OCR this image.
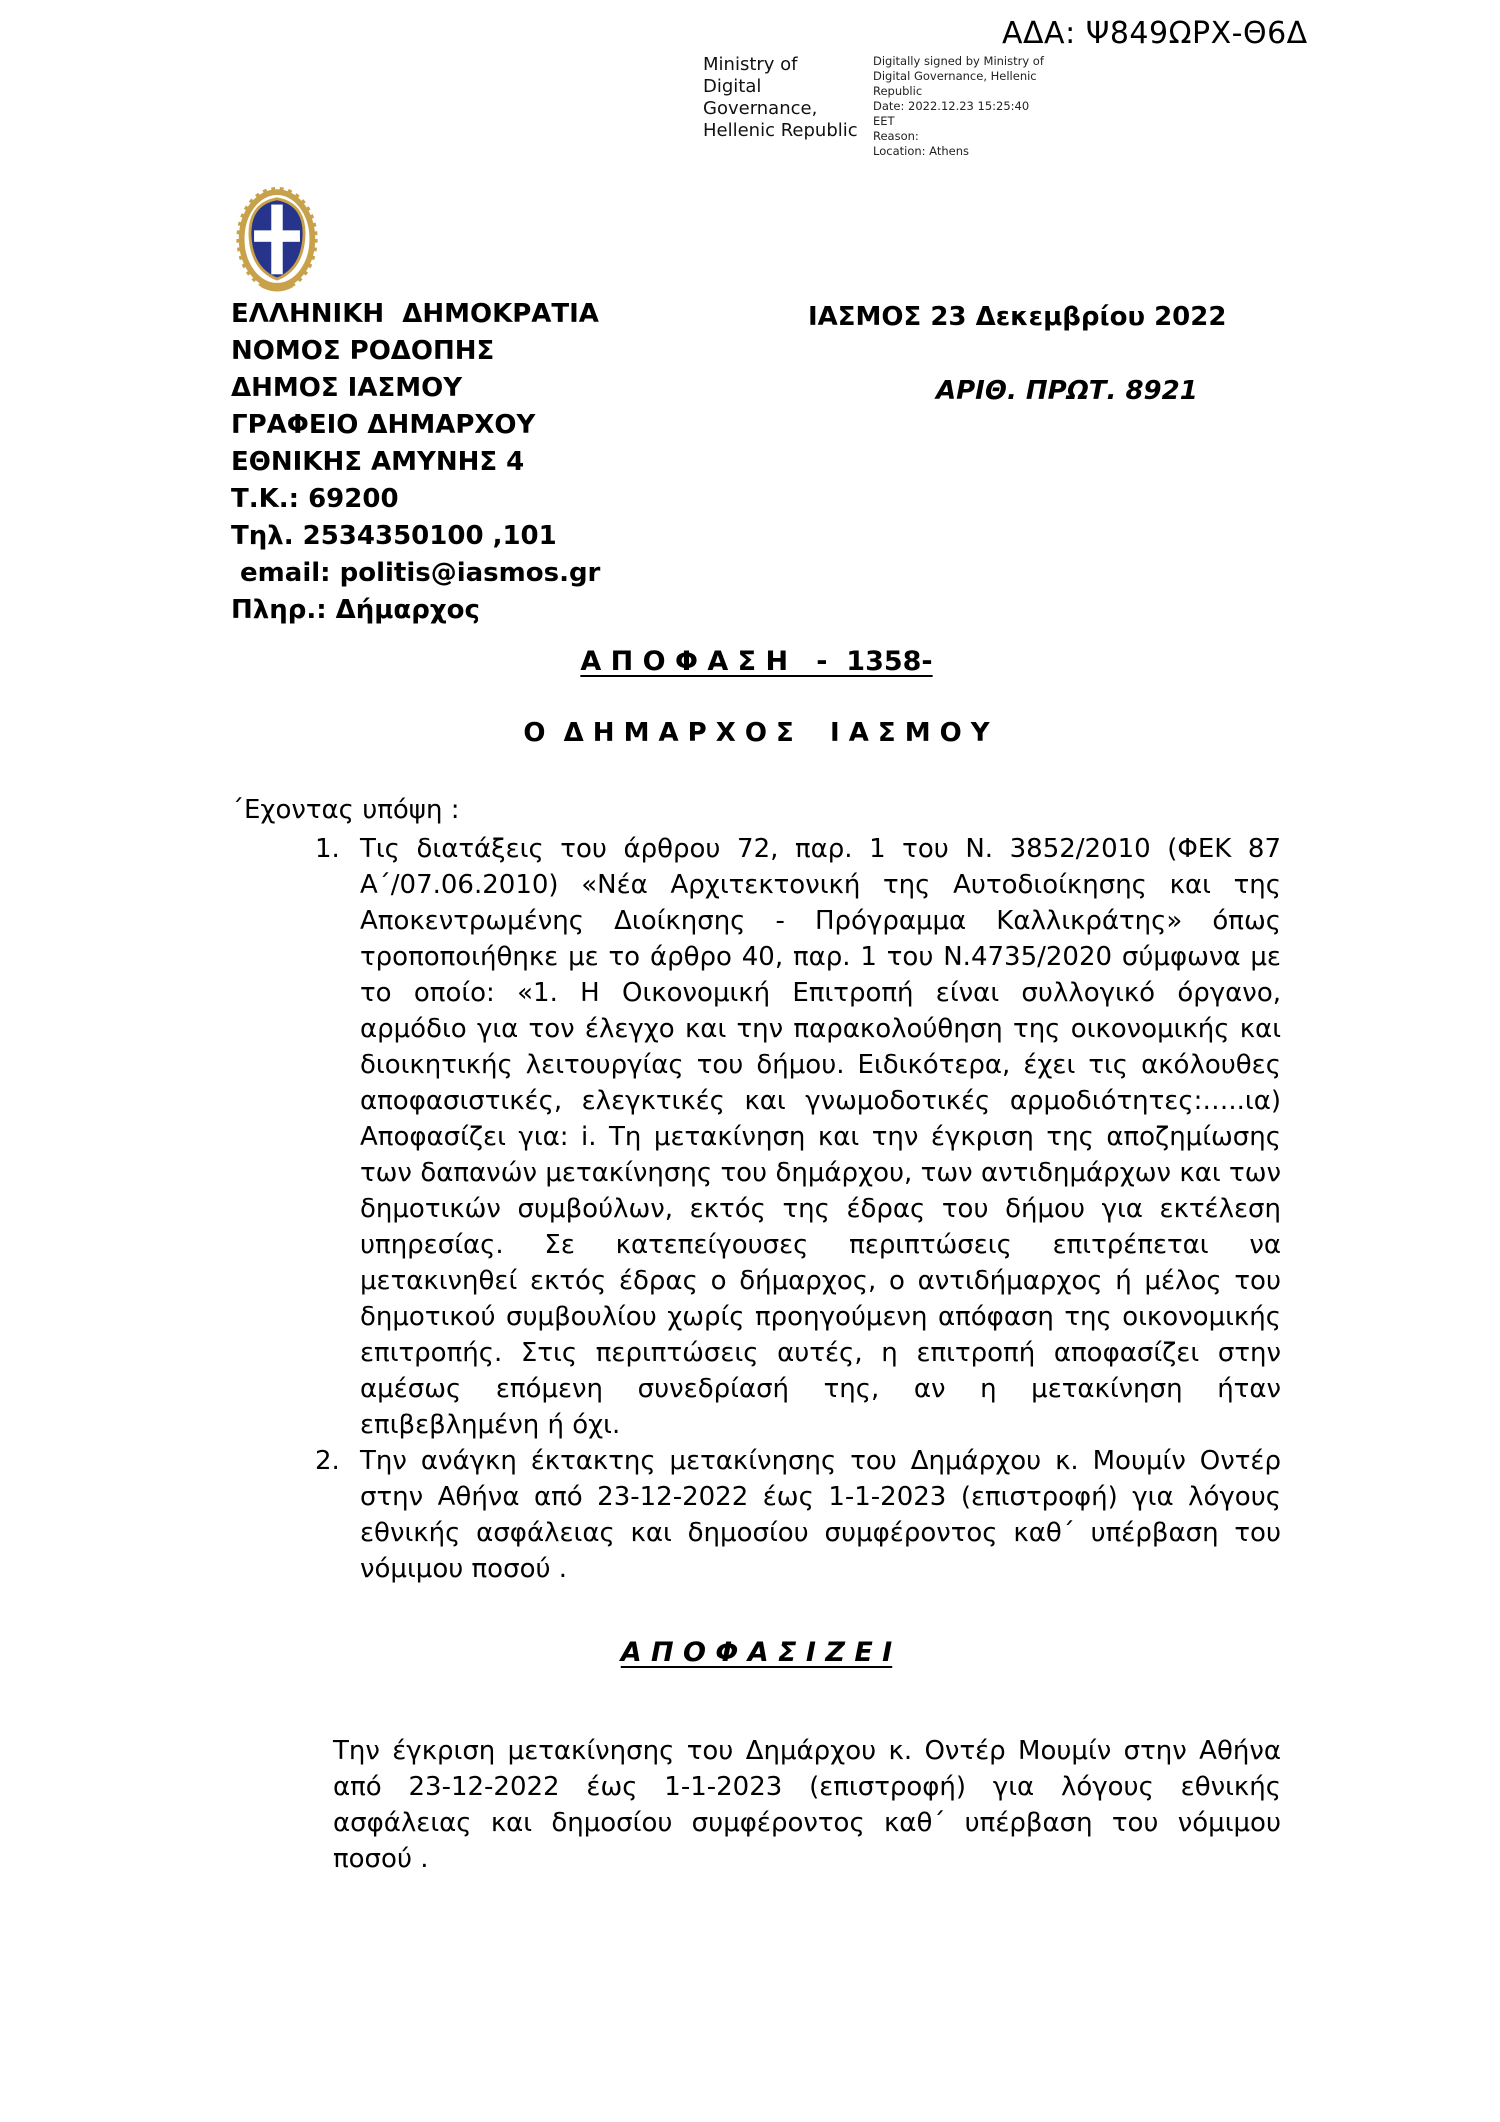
ΑΔΑ: Ψ849ΩΡΧ-Θ6Δ
Ministry of Digital Governance, Hellenic Republic
Digitally signed by Ministry of Digital Governance, Hellenic Republic
Date: 2022.12.23 15:25:40 EET
Reason:
Location: Athens
ΕΛΛΗΝΙΚΗ  ΔΗΜΟΚΡΑΤΙΑ
ΝΟΜΟΣ ΡΟΔΟΠΗΣ
ΔΗΜΟΣ ΙΑΣΜΟΥ
ΓΡΑΦΕΙΟ ΔΗΜΑΡΧΟΥ
ΕΘΝΙΚΗΣ ΑΜΥΝΗΣ 4
Τ.Κ.: 69200
Τηλ. 2534350100 ,101
email: politis@iasmos.gr
Πληρ.: Δήμαρχος
ΙΑΣΜΟΣ 23 Δεκεμβρίου 2022
ΑΡΙΘ. ΠΡΩΤ. 8921
Α Π Ο Φ Α Σ Η   -  1358-
Ο  Δ Η Μ Α Ρ Χ Ο Σ    Ι Α Σ Μ Ο Υ
΄Εχοντας υπόψη :
1. Τις διατάξεις του άρθρου 72, παρ. 1 του Ν. 3852/2010 (ΦΕΚ 87 Α΄/07.06.2010) «Νέα Αρχιτεκτονική της Αυτοδιοίκησης και της Αποκεντρωμένης Διοίκησης - Πρόγραμμα Καλλικράτης» όπως τροποποιήθηκε με το άρθρο 40, παρ. 1 του Ν.4735/2020 σύμφωνα με το οποίο: «1. Η Οικονομική Επιτροπή είναι συλλογικό όργανο, αρμόδιο για τον έλεγχο και την παρακολούθηση της οικονομικής και διοικητικής λειτουργίας του δήμου. Ειδικότερα, έχει τις ακόλουθες αποφασιστικές, ελεγκτικές και γνωμοδοτικές αρμοδιότητες:…..ια) Αποφασίζει για: i. Τη μετακίνηση και την έγκριση της αποζημίωσης των δαπανών μετακίνησης του δημάρχου, των αντιδημάρχων και των δημοτικών συμβούλων, εκτός της έδρας του δήμου για εκτέλεση υπηρεσίας. Σε κατεπείγουσες περιπτώσεις επιτρέπεται να μετακινηθεί εκτός έδρας ο δήμαρχος, ο αντιδήμαρχος ή μέλος του δημοτικού συμβουλίου χωρίς προηγούμενη απόφαση της οικονομικής επιτροπής. Στις περιπτώσεις αυτές, η επιτροπή αποφασίζει στην αμέσως επόμενη συνεδρίασή της, αν η μετακίνηση ήταν επιβεβλημένη ή όχι.
2. Την ανάγκη έκτακτης μετακίνησης του Δημάρχου κ. Μουμίν Οντέρ στην Αθήνα από 23-12-2022 έως 1-1-2023 (επιστροφή) για λόγους εθνικής ασφάλειας και δημοσίου συμφέροντος καθ΄ υπέρβαση του νόμιμου ποσού .
Α Π Ο Φ Α Σ Ι Ζ Ε Ι
Την έγκριση μετακίνησης του Δημάρχου κ. Οντέρ Μουμίν στην Αθήνα από 23-12-2022 έως 1-1-2023 (επιστροφή) για λόγους εθνικής ασφάλειας και δημοσίου συμφέροντος καθ΄ υπέρβαση του νόμιμου ποσού .
